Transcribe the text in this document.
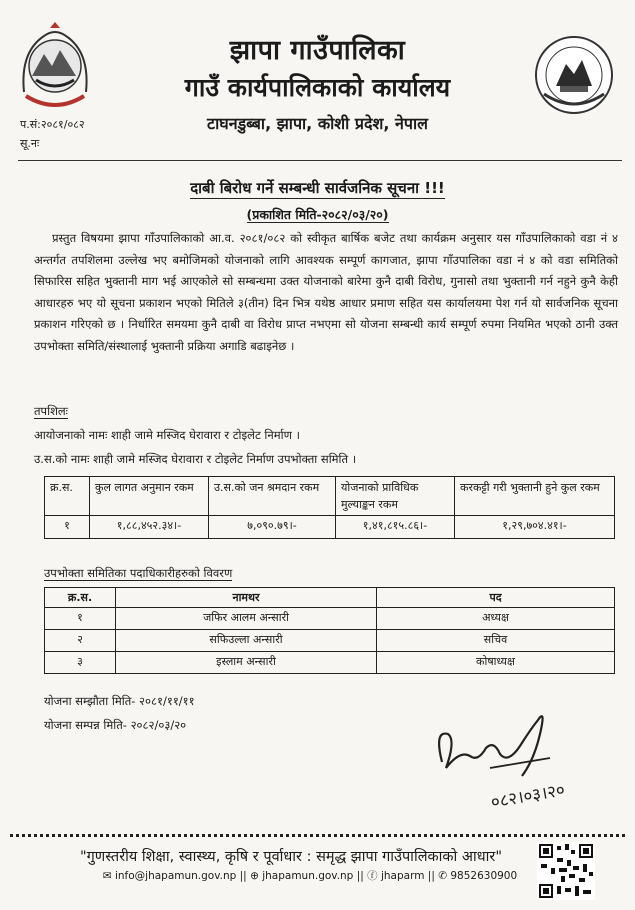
झापा गाउँपालिका
गाउँ कार्यपालिकाको कार्यालय
टाघनडुब्बा, झापा, कोशी प्रदेश, नेपाल
प.सं:२०८१/०८२
सू.नः
दाबी बिरोध गर्ने सम्बन्धी सार्वजनिक सूचना !!!
(प्रकाशित मिति-२०८२/०३/२०)
प्रस्तुत विषयमा झापा गाँउपालिकाको आ.व. २०८१/०८२ को स्वीकृत बार्षिक बजेट तथा कार्यक्रम अनुसार यस गाँउपालिकाको वडा नं ४ अन्तर्गत तपशिलमा उल्लेख भए बमोजिमको योजनाको लागि आवश्यक सम्पूर्ण कागजात, झापा गाँउपालिका वडा नं ४ को वडा समितिको सिफारिस सहित भुक्तानी माग भई आएकोले सो सम्बन्धमा उक्त योजनाको बारेमा कुनै दाबी विरोध, गुनासो तथा भुक्तानी गर्न नहुने कुनै केही आधारहरु भए यो सूचना प्रकाशन भएको मितिले ३(तीन) दिन भित्र यथेष्ठ आधार प्रमाण सहित यस कार्यालयमा पेश गर्न यो सार्वजनिक सूचना प्रकाशन गरिएको छ । निर्धारित समयमा कुनै दाबी वा विरोध प्राप्त नभएमा सो योजना सम्बन्धी कार्य सम्पूर्ण रुपमा नियमित भएको ठानी उक्त उपभोक्ता समिति/संस्थालाई भुक्तानी प्रक्रिया अगाडि बढाइनेछ ।
तपशिलः
आयोजनाको नामः शाही जामे मस्जिद घेरावारा र टोइलेट निर्माण ।
उ.स.को नामः शाही जामे मस्जिद घेरावारा र टोइलेट निर्माण उपभोक्ता समिति ।
क्र.स.	कुल लागत अनुमान रकम	उ.स.को जन श्रमदान रकम	योजनाको प्राविधिक मुल्याङ्कन रकम	करकट्टी गरी भुक्तानी हुने कुल रकम
१	१,८८,४५२.३४।-	७,०९०.७९।-	१,४१,८१५.८६।-	१,२९,७०४.४१।-
उपभोक्ता समितिका पदाधिकारीहरुको विवरण
क्र.स.	नामथर	पद
१	जफिर आलम अन्सारी	अध्यक्ष
२	सफिउल्ला अन्सारी	सचिव
३	इस्लाम अन्सारी	कोषाध्यक्ष
योजना सम्झौता मिति- २०८१/११/११
योजना सम्पन्न मिति- २०८२/०३/२०
०८२।०३।२०
"गुणस्तरीय शिक्षा, स्वास्थ्य, कृषि र पूर्वाधार : समृद्ध झापा गाउँपालिकाको आधार"
✉ info@jhapamun.gov.np || ⊕ jhapamun.gov.np || ⓕ jhaparm || ✆ 9852630900
